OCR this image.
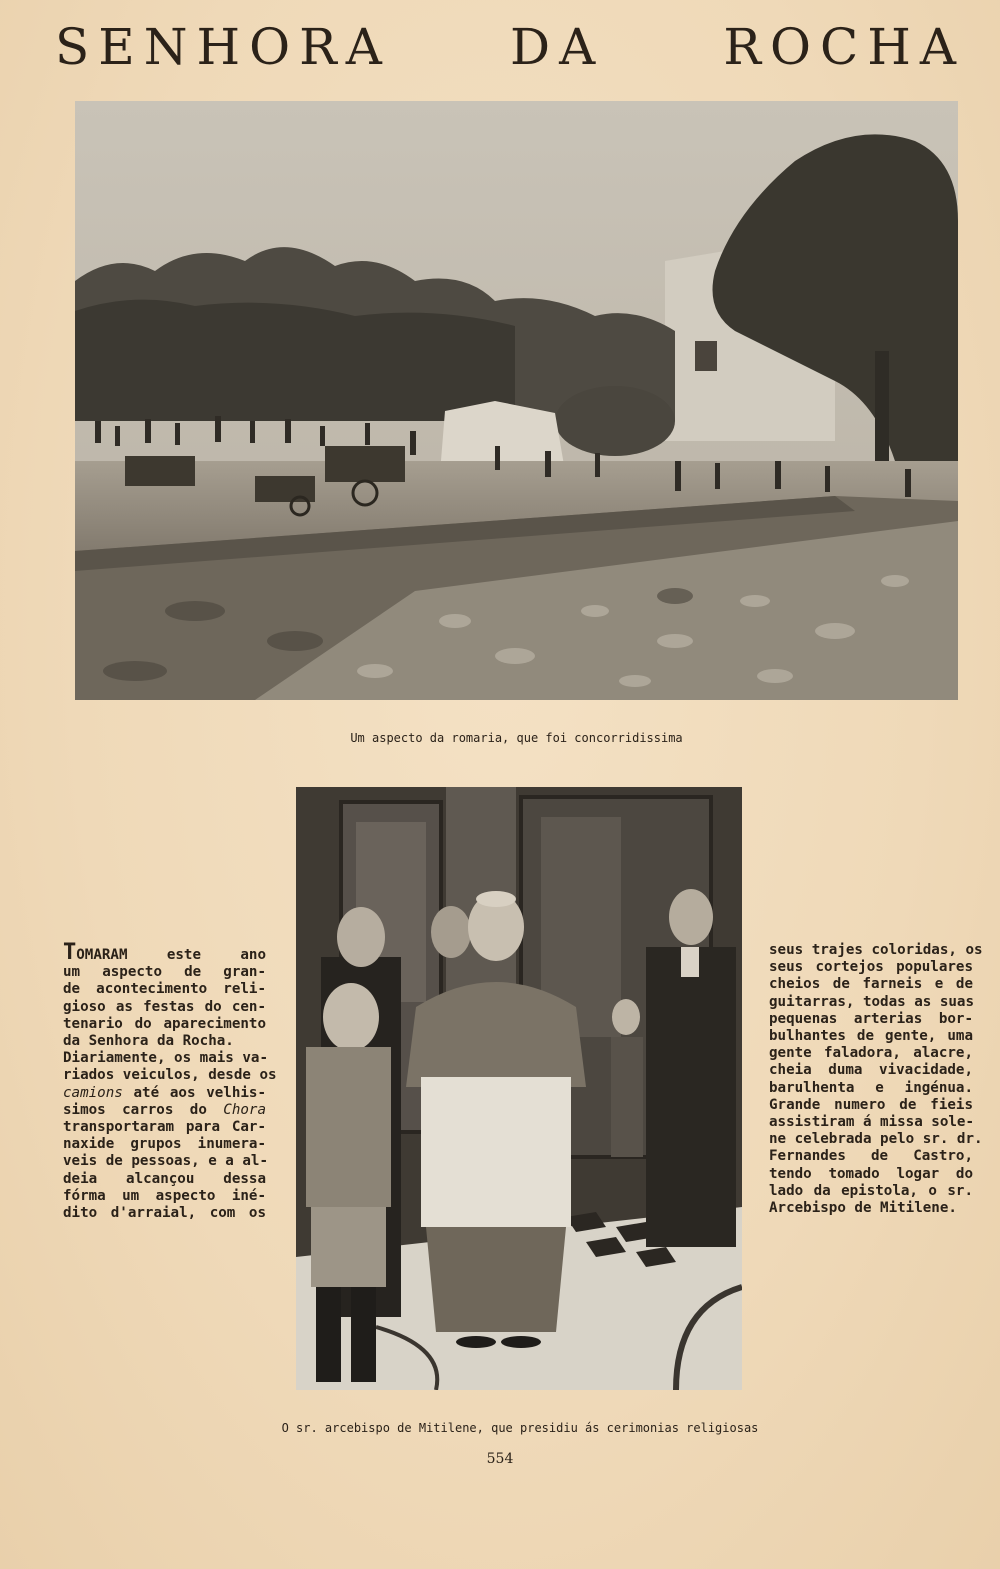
SENHORA DA ROCHA
Um aspecto da romaria, que foi concorridissima
O sr. arcebispo de Mitilene, que presidiu ás cerimonias religiosas
TOMARAM este ano
um aspecto de gran-
de acontecimento reli-
gioso as festas do cen-
tenario do aparecimento
da Senhora da Rocha.
Diariamente, os mais va-
riados veiculos, desde os
camions até aos velhis-
simos carros do Chora
transportaram para Car-
naxide grupos inumera-
veis de pessoas, e a al-
deia alcançou dessa
fórma um aspecto iné-
dito d'arraial, com os
seus trajes coloridas, os
seus cortejos populares
cheios de farneis e de
guitarras, todas as suas
pequenas arterias bor-
bulhantes de gente, uma
gente faladora, alacre,
cheia duma vivacidade,
barulhenta e ingénua.
Grande numero de fieis
assistiram á missa sole-
ne celebrada pelo sr. dr.
Fernandes de Castro,
tendo tomado logar do
lado da epistola, o sr.
Arcebispo de Mitilene.
554
